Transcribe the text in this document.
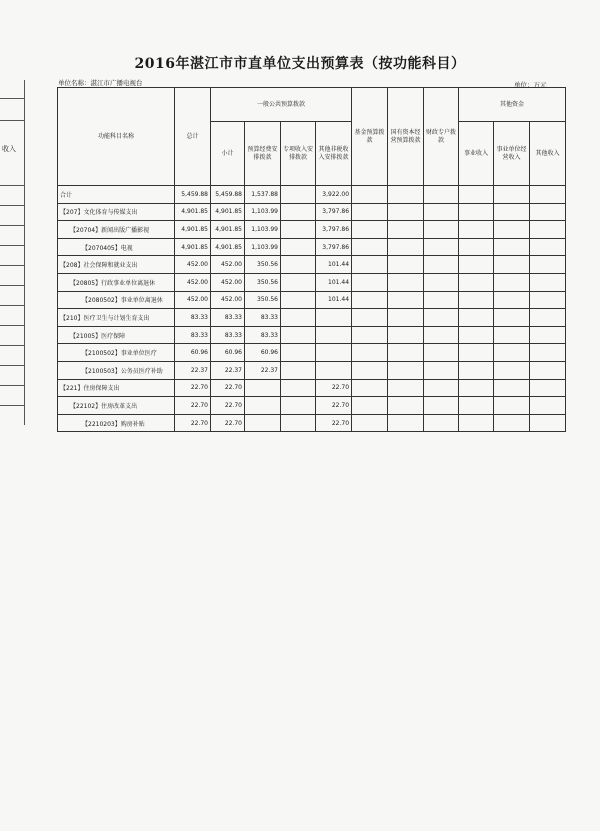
收入
2016年湛江市市直单位支出预算表（按功能科目）
单位名称：湛江市广播电视台	单位：万元
功能科目名称	总计	一般公共预算拨款				基金预算拨款	国有资本经营预算拨款	财政专户拨款	其他资金		
		小计	预算经费安排拨款	专项收入安排拨款	其他非税收入安排拨款				事业收入	事业单位经营收入	其他收入
合计	5,459.88	5,459.88	1,537.88		3,922.00						
【207】文化体育与传媒支出	4,901.85	4,901.85	1,103.99		3,797.86						
【20704】新闻出版广播影视	4,901.85	4,901.85	1,103.99		3,797.86						
【2070405】电视	4,901.85	4,901.85	1,103.99		3,797.86						
【208】社会保障和就业支出	452.00	452.00	350.56		101.44						
【20805】行政事业单位离退休	452.00	452.00	350.56		101.44						
【2080502】事业单位离退休	452.00	452.00	350.56		101.44						
【210】医疗卫生与计划生育支出	83.33	83.33	83.33								
【21005】医疗保障	83.33	83.33	83.33								
【2100502】事业单位医疗	60.96	60.96	60.96								
【2100503】公务员医疗补助	22.37	22.37	22.37								
【221】住房保障支出	22.70	22.70			22.70						
【22102】住房改革支出	22.70	22.70			22.70						
【2210203】购房补贴	22.70	22.70			22.70						
